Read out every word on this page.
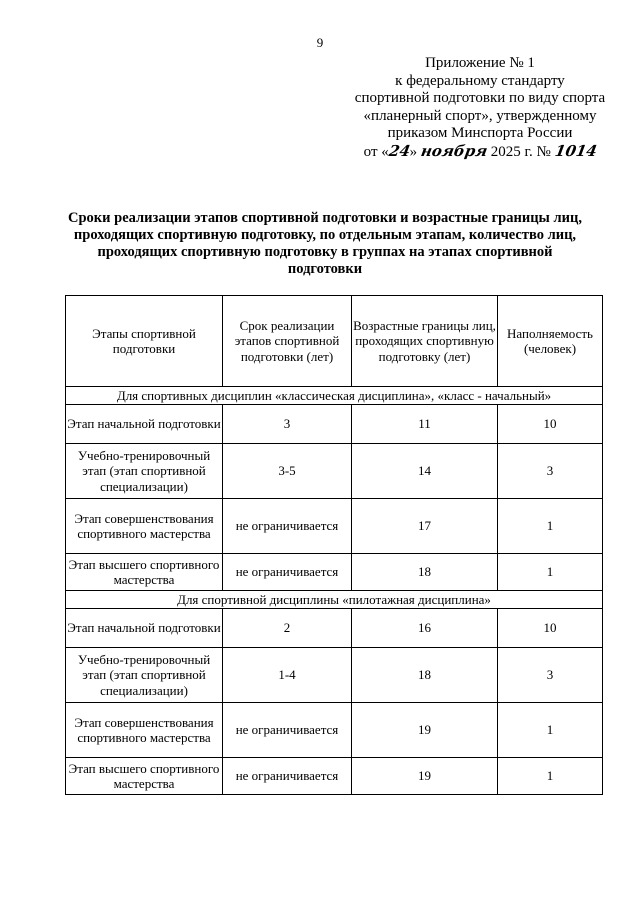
9
Приложение № 1
к федеральному стандарту
спортивной подготовки по виду спорта
«планерный спорт», утвержденному
приказом Минспорта России
от «24» ноября 2025 г. № 1014
Сроки реализации этапов спортивной подготовки и возрастные границы лиц, проходящих спортивную подготовку, по отдельным этапам, количество лиц, проходящих спортивную подготовку в группах на этапах спортивной подготовки
Этапы спортивной подготовки	Срок реализации этапов спортивной подготовки (лет)	Возрастные границы лиц, проходящих спортивную подготовку (лет)	Наполняемость (человек)
Для спортивных дисциплин «классическая дисциплина», «класс - начальный»			
Этап начальной подготовки	3	11	10
Учебно-тренировочный этап (этап спортивной специализации)	3-5	14	3
Этап совершенствования спортивного мастерства	не ограничивается	17	1
Этап высшего спортивного мастерства	не ограничивается	18	1
Для спортивной дисциплины «пилотажная дисциплина»			
Этап начальной подготовки	2	16	10
Учебно-тренировочный этап (этап спортивной специализации)	1-4	18	3
Этап совершенствования спортивного мастерства	не ограничивается	19	1
Этап высшего спортивного мастерства	не ограничивается	19	1
